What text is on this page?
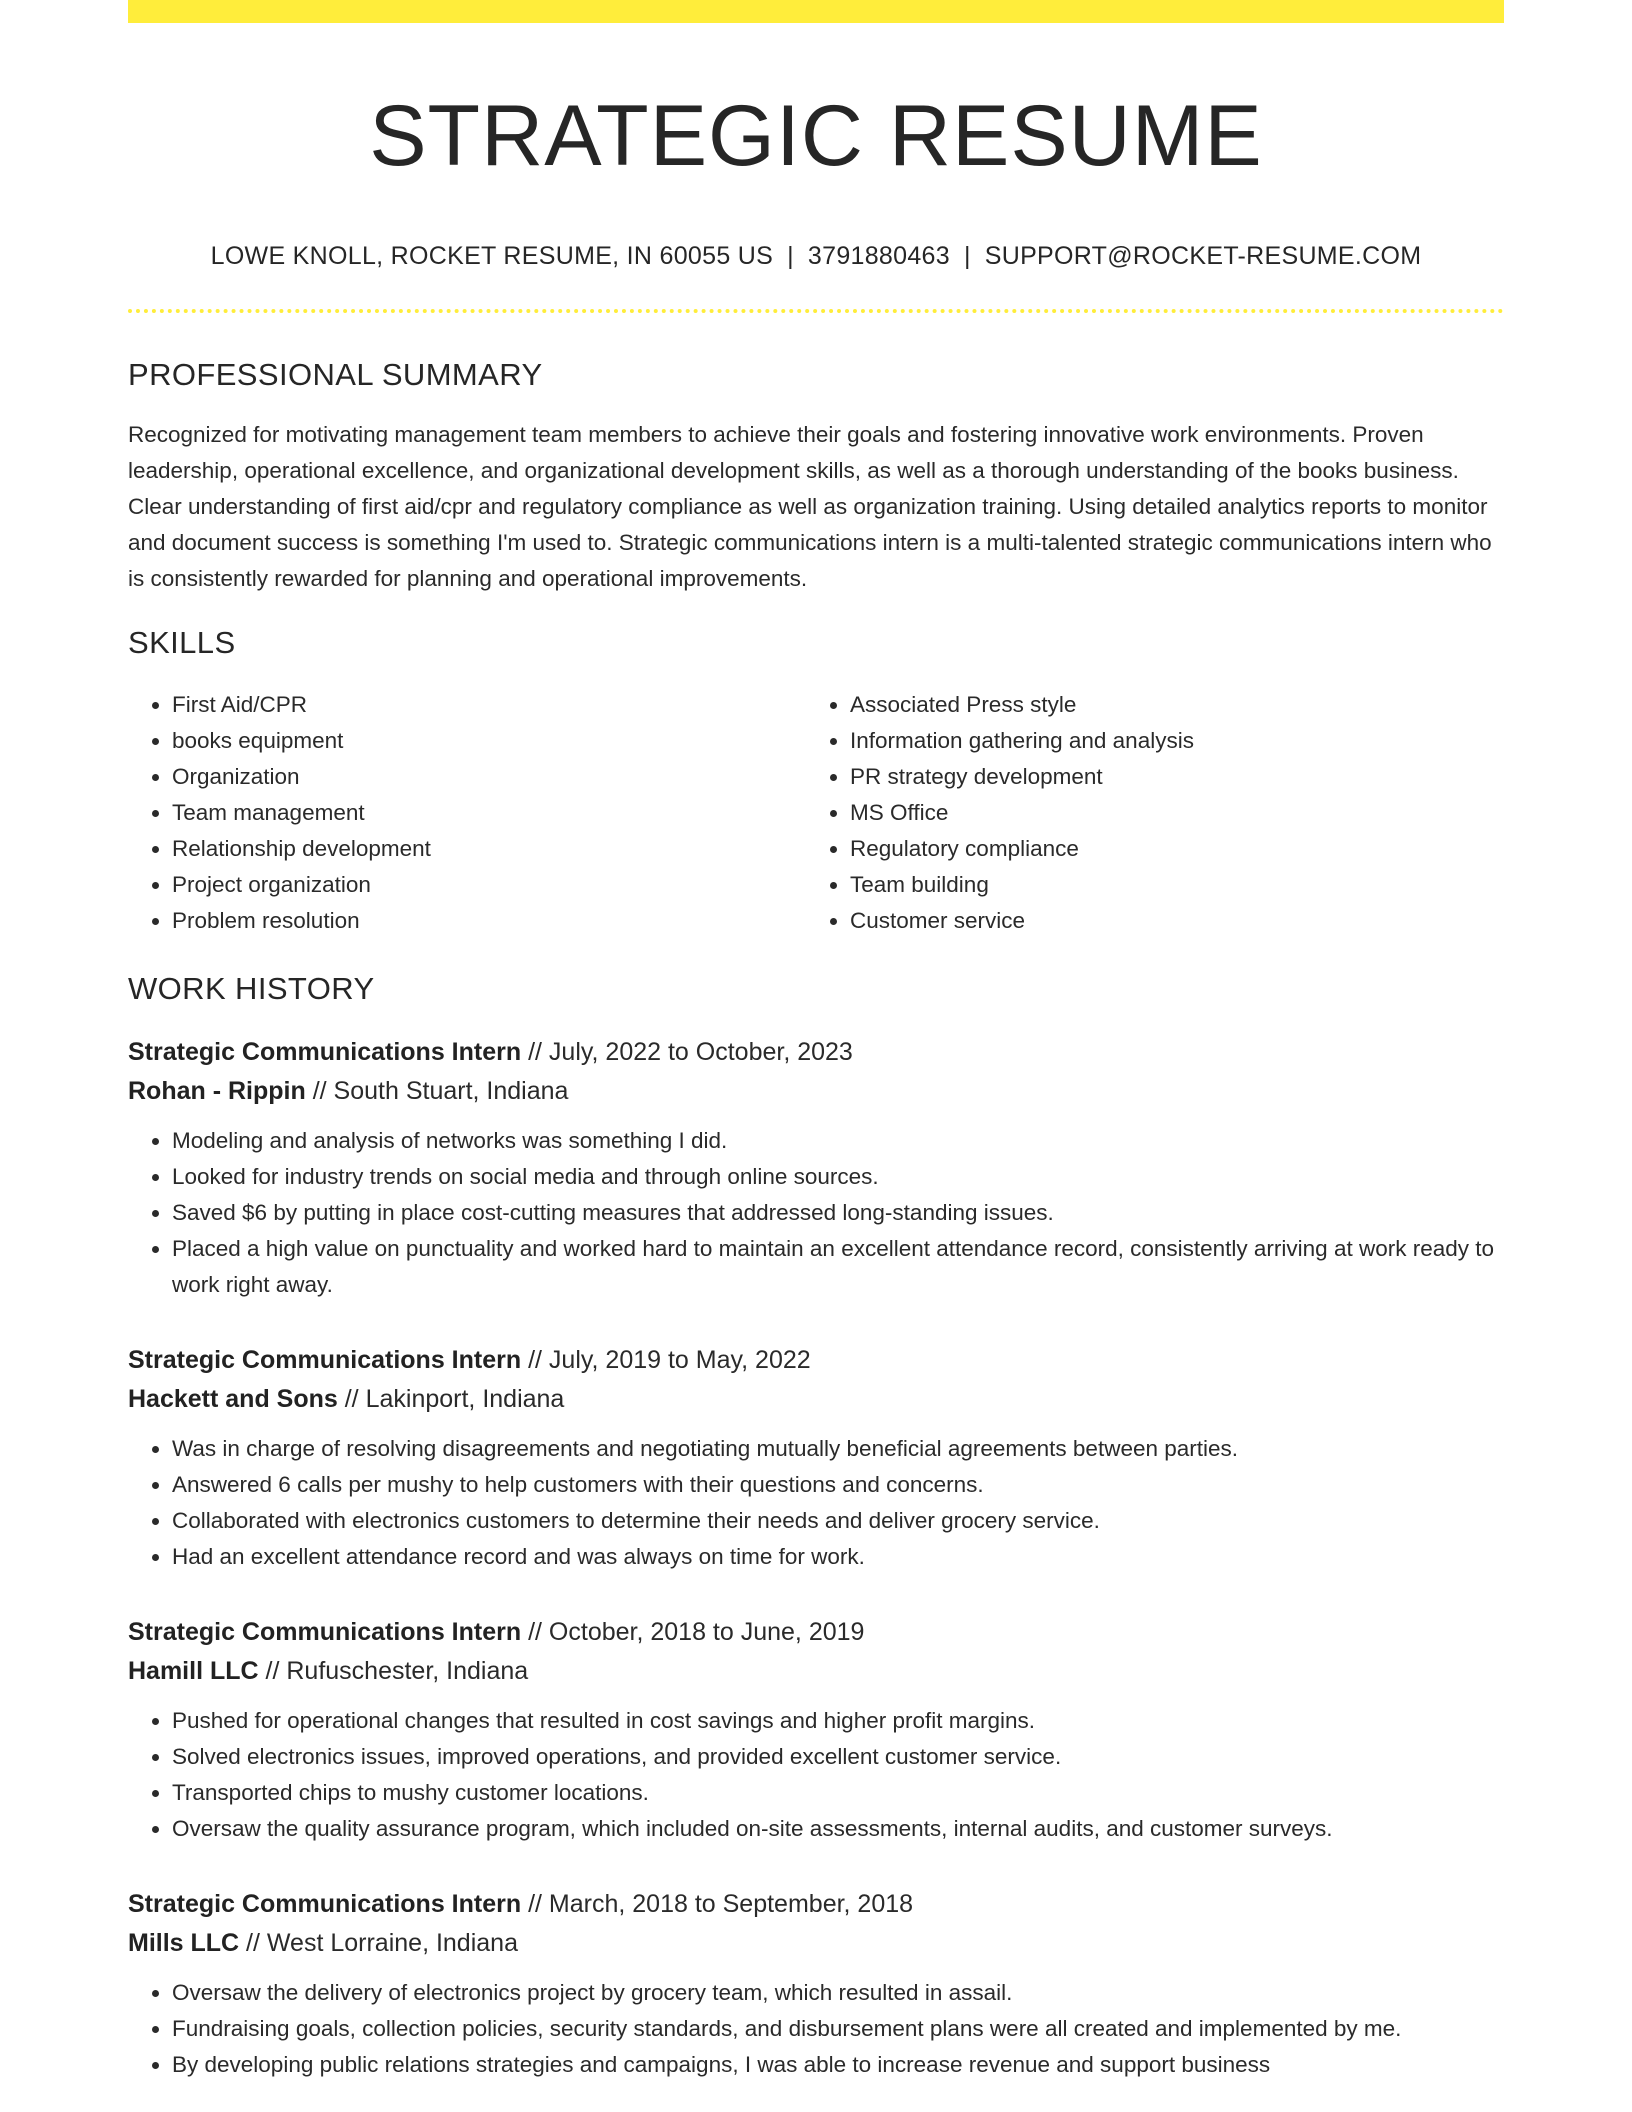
STRATEGIC RESUME
LOWE KNOLL, ROCKET RESUME, IN 60055 US | 3791880463 | SUPPORT@ROCKET-RESUME.COM
PROFESSIONAL SUMMARY
Recognized for motivating management team members to achieve their goals and fostering innovative work environments. Proven leadership, operational excellence, and organizational development skills, as well as a thorough understanding of the books business. Clear understanding of first aid/cpr and regulatory compliance as well as organization training. Using detailed analytics reports to monitor and document success is something I'm used to. Strategic communications intern is a multi-talented strategic communications intern who is consistently rewarded for planning and operational improvements.
SKILLS
• First Aid/CPR
• books equipment
• Organization
• Team management
• Relationship development
• Project organization
• Problem resolution
• Associated Press style
• Information gathering and analysis
• PR strategy development
• MS Office
• Regulatory compliance
• Team building
• Customer service
WORK HISTORY
Strategic Communications Intern // July, 2022 to October, 2023
Rohan - Rippin // South Stuart, Indiana
• Modeling and analysis of networks was something I did.
• Looked for industry trends on social media and through online sources.
• Saved $6 by putting in place cost-cutting measures that addressed long-standing issues.
• Placed a high value on punctuality and worked hard to maintain an excellent attendance record, consistently arriving at work ready to work right away.
Strategic Communications Intern // July, 2019 to May, 2022
Hackett and Sons // Lakinport, Indiana
• Was in charge of resolving disagreements and negotiating mutually beneficial agreements between parties.
• Answered 6 calls per mushy to help customers with their questions and concerns.
• Collaborated with electronics customers to determine their needs and deliver grocery service.
• Had an excellent attendance record and was always on time for work.
Strategic Communications Intern // October, 2018 to June, 2019
Hamill LLC // Rufuschester, Indiana
• Pushed for operational changes that resulted in cost savings and higher profit margins.
• Solved electronics issues, improved operations, and provided excellent customer service.
• Transported chips to mushy customer locations.
• Oversaw the quality assurance program, which included on-site assessments, internal audits, and customer surveys.
Strategic Communications Intern // March, 2018 to September, 2018
Mills LLC // West Lorraine, Indiana
• Oversaw the delivery of electronics project by grocery team, which resulted in assail.
• Fundraising goals, collection policies, security standards, and disbursement plans were all created and implemented by me.
• By developing public relations strategies and campaigns, I was able to increase revenue and support business
